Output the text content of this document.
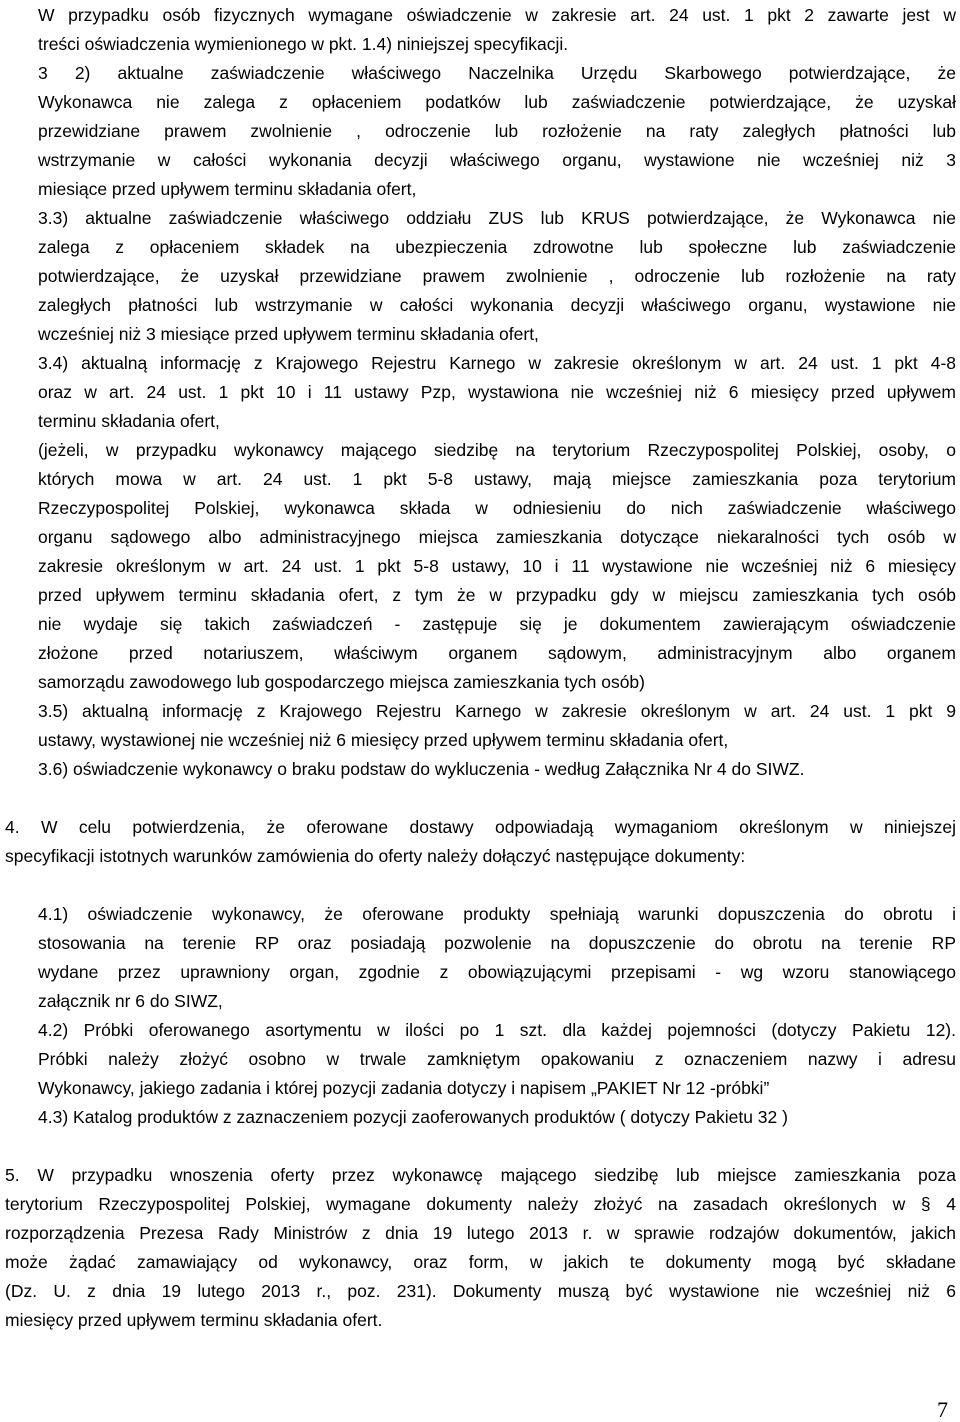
W przypadku osób fizycznych wymagane oświadczenie w zakresie art. 24 ust. 1 pkt 2 zawarte jest w
treści oświadczenia wymienionego w pkt. 1.4) niniejszej specyfikacji.
3 2) aktualne zaświadczenie właściwego Naczelnika Urzędu Skarbowego potwierdzające, że
Wykonawca nie zalega z opłaceniem podatków lub zaświadczenie potwierdzające, że uzyskał
przewidziane prawem zwolnienie , odroczenie lub rozłożenie na raty zaległych płatności lub
wstrzymanie w całości wykonania decyzji właściwego organu, wystawione nie wcześniej niż 3
miesiące przed upływem terminu składania ofert,
3.3) aktualne zaświadczenie właściwego oddziału ZUS lub KRUS potwierdzające, że Wykonawca nie
zalega z opłaceniem składek na ubezpieczenia zdrowotne lub społeczne lub zaświadczenie
potwierdzające, że uzyskał przewidziane prawem zwolnienie , odroczenie lub rozłożenie na raty
zaległych płatności lub wstrzymanie w całości wykonania decyzji właściwego organu, wystawione nie
wcześniej niż 3 miesiące przed upływem terminu składania ofert,
3.4) aktualną informację z Krajowego Rejestru Karnego w zakresie określonym w art. 24 ust. 1 pkt 4-8
oraz w art. 24 ust. 1 pkt 10 i 11 ustawy Pzp, wystawiona nie wcześniej niż 6 miesięcy przed upływem
terminu składania ofert,
(jeżeli, w przypadku wykonawcy mającego siedzibę na terytorium Rzeczypospolitej Polskiej, osoby, o
których mowa w art. 24 ust. 1 pkt 5-8 ustawy, mają miejsce zamieszkania poza terytorium
Rzeczypospolitej Polskiej, wykonawca składa w odniesieniu do nich zaświadczenie właściwego
organu sądowego albo administracyjnego miejsca zamieszkania dotyczące niekaralności tych osób w
zakresie określonym w art. 24 ust. 1 pkt 5-8 ustawy, 10 i 11 wystawione nie wcześniej niż 6 miesięcy
przed upływem terminu składania ofert, z tym że w przypadku gdy w miejscu zamieszkania tych osób
nie wydaje się takich zaświadczeń - zastępuje się je dokumentem zawierającym oświadczenie
złożone przed notariuszem, właściwym organem sądowym, administracyjnym albo organem
samorządu zawodowego lub gospodarczego miejsca zamieszkania tych osób)
3.5) aktualną informację z Krajowego Rejestru Karnego w zakresie określonym w art. 24 ust. 1 pkt 9
ustawy, wystawionej nie wcześniej niż 6 miesięcy przed upływem terminu składania ofert,
3.6) oświadczenie wykonawcy o braku podstaw do wykluczenia - według Załącznika Nr 4 do SIWZ.
4. W celu potwierdzenia, że oferowane dostawy odpowiadają wymaganiom określonym w niniejszej
specyfikacji istotnych warunków zamówienia do oferty należy dołączyć następujące dokumenty:
4.1) oświadczenie wykonawcy, że oferowane produkty spełniają warunki dopuszczenia do obrotu i
stosowania na terenie RP oraz posiadają pozwolenie na dopuszczenie do obrotu na terenie RP
wydane przez uprawniony organ, zgodnie z obowiązującymi przepisami - wg wzoru stanowiącego
załącznik nr 6 do SIWZ,
4.2) Próbki oferowanego asortymentu w ilości po 1 szt. dla każdej pojemności (dotyczy Pakietu 12).
Próbki należy złożyć osobno w trwale zamkniętym opakowaniu z oznaczeniem nazwy i adresu
Wykonawcy, jakiego zadania i której pozycji zadania dotyczy i napisem „PAKIET Nr 12 -próbki”
4.3) Katalog produktów z zaznaczeniem pozycji zaoferowanych produktów ( dotyczy Pakietu 32 )
5. W przypadku wnoszenia oferty przez wykonawcę mającego siedzibę lub miejsce zamieszkania poza
terytorium Rzeczypospolitej Polskiej, wymagane dokumenty należy złożyć na zasadach określonych w § 4
rozporządzenia Prezesa Rady Ministrów z dnia 19 lutego 2013 r. w sprawie rodzajów dokumentów, jakich
może żądać zamawiający od wykonawcy, oraz form, w jakich te dokumenty mogą być składane
(Dz. U. z dnia 19 lutego 2013 r., poz. 231). Dokumenty muszą być wystawione nie wcześniej niż 6
miesięcy przed upływem terminu składania ofert.
7
